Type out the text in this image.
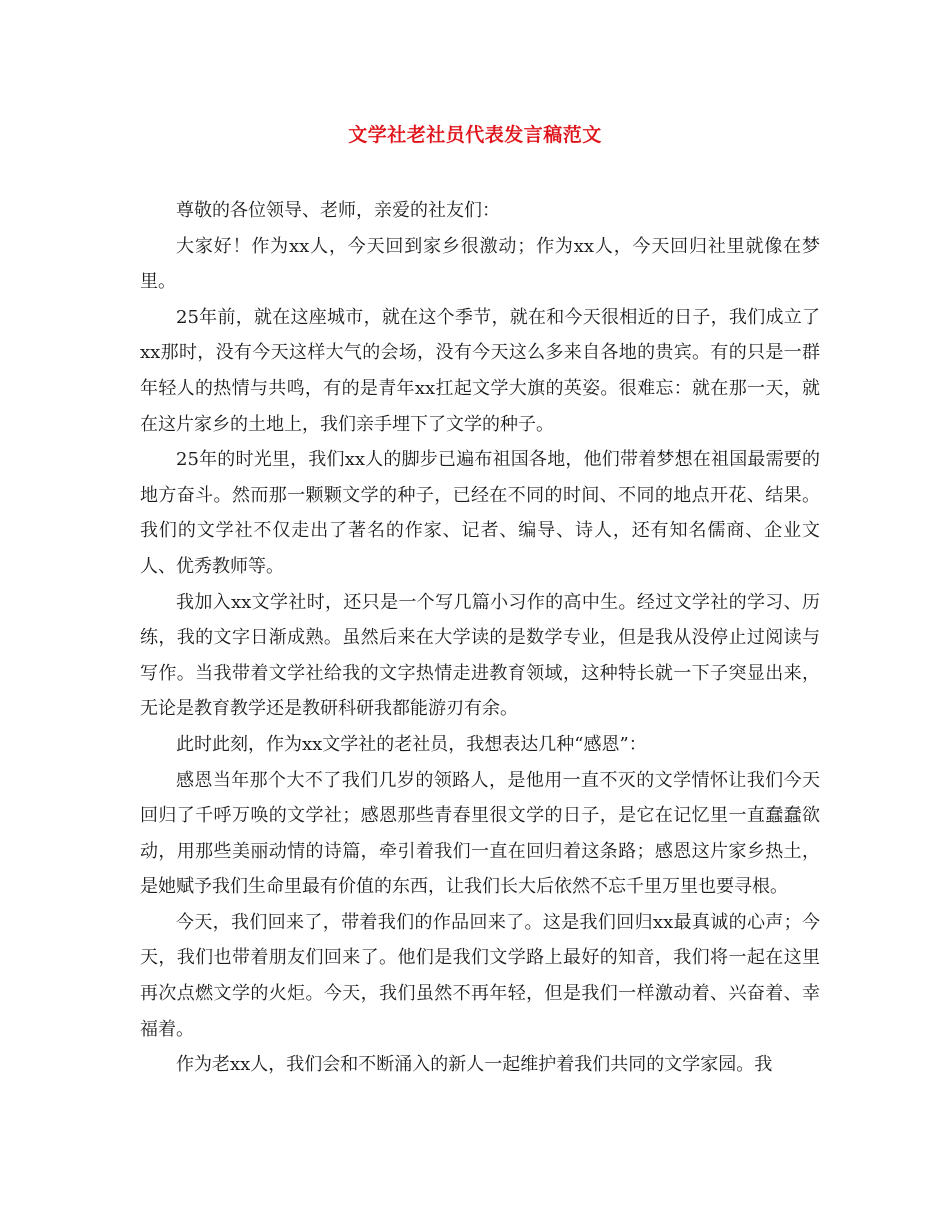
文学社老社员代表发言稿范文

尊敬的各位领导、老师，亲爱的社友们：

大家好！作为xx人，今天回到家乡很激动；作为xx人，今天回归社里就像在梦里。

25年前，就在这座城市，就在这个季节，就在和今天很相近的日子，我们成立了xx那时，没有今天这样大气的会场，没有今天这么多来自各地的贵宾。有的只是一群年轻人的热情与共鸣，有的是青年xx扛起文学大旗的英姿。很难忘：就在那一天，就在这片家乡的土地上，我们亲手埋下了文学的种子。

25年的时光里，我们xx人的脚步已遍布祖国各地，他们带着梦想在祖国最需要的地方奋斗。然而那一颗颗文学的种子，已经在不同的时间、不同的地点开花、结果。我们的文学社不仅走出了著名的作家、记者、编导、诗人，还有知名儒商、企业文人、优秀教师等。

我加入xx文学社时，还只是一个写几篇小习作的高中生。经过文学社的学习、历练，我的文字日渐成熟。虽然后来在大学读的是数学专业，但是我从没停止过阅读与写作。当我带着文学社给我的文字热情走进教育领域，这种特长就一下子突显出来，无论是教育教学还是教研科研我都能游刃有余。

此时此刻，作为xx文学社的老社员，我想表达几种“感恩”：

感恩当年那个大不了我们几岁的领路人，是他用一直不灭的文学情怀让我们今天回归了千呼万唤的文学社；感恩那些青春里很文学的日子，是它在记忆里一直蠢蠢欲动，用那些美丽动情的诗篇，牵引着我们一直在回归着这条路；感恩这片家乡热土，是她赋予我们生命里最有价值的东西，让我们长大后依然不忘千里万里也要寻根。

今天，我们回来了，带着我们的作品回来了。这是我们回归xx最真诚的心声；今天，我们也带着朋友们回来了。他们是我们文学路上最好的知音，我们将一起在这里再次点燃文学的火炬。今天，我们虽然不再年轻，但是我们一样激动着、兴奋着、幸福着。

作为老xx人，我们会和不断涌入的新人一起维护着我们共同的文学家园。我
